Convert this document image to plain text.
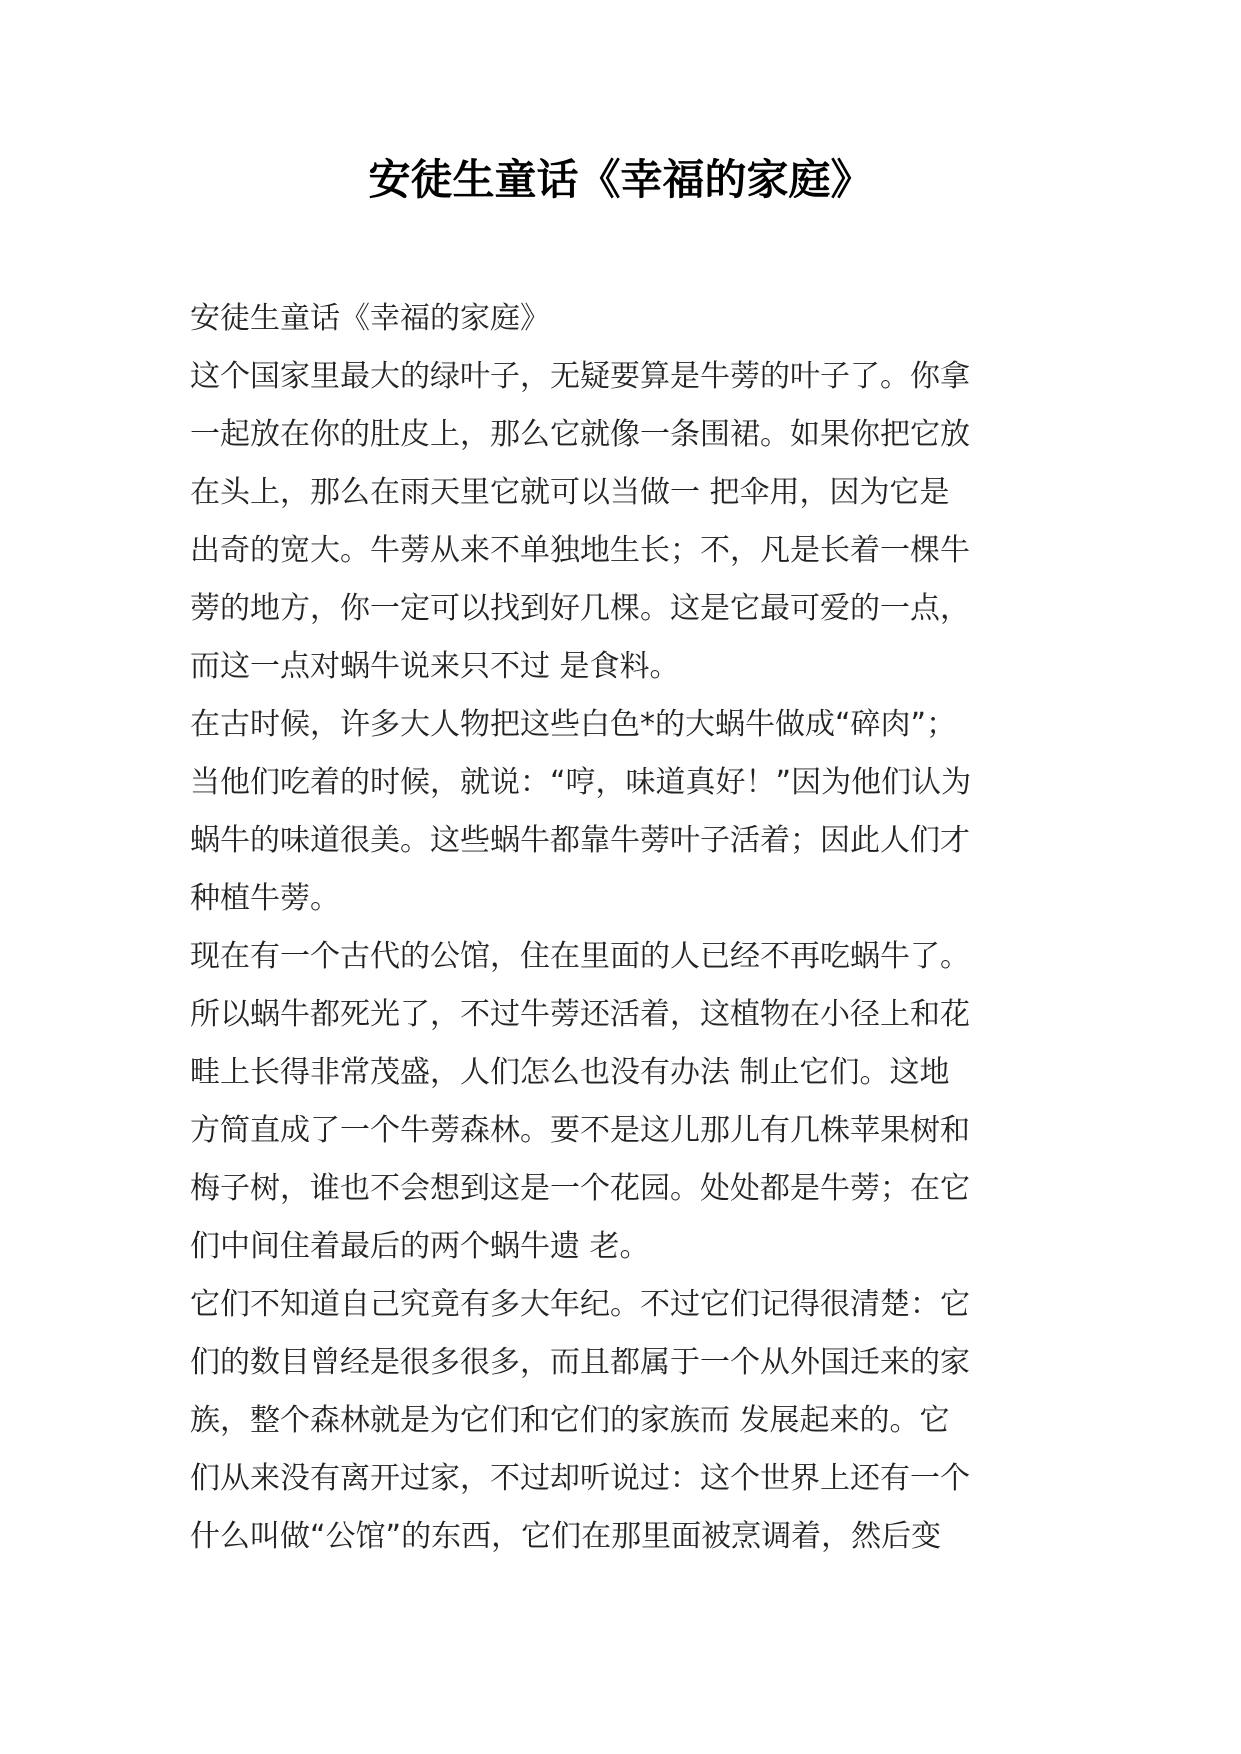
安徒生童话《幸福的家庭》
安徒生童话《幸福的家庭》
这个国家里最大的绿叶子，无疑要算是牛蒡的叶子了。你拿
一起放在你的肚皮上，那么它就像一条围裙。如果你把它放
在头上，那么在雨天里它就可以当做一 把伞用，因为它是
出奇的宽大。牛蒡从来不单独地生长；不，凡是长着一棵牛
蒡的地方，你一定可以找到好几棵。这是它最可爱的一点，
而这一点对蜗牛说来只不过 是食料。
在古时候，许多大人物把这些白色*的大蜗牛做成“碎肉”；
当他们吃着的时候，就说：“哼，味道真好！”因为他们认为
蜗牛的味道很美。这些蜗牛都靠牛蒡叶子活着；因此人们才
种植牛蒡。
现在有一个古代的公馆，住在里面的人已经不再吃蜗牛了。
所以蜗牛都死光了，不过牛蒡还活着，这植物在小径上和花
畦上长得非常茂盛，人们怎么也没有办法 制止它们。这地
方简直成了一个牛蒡森林。要不是这儿那儿有几株苹果树和
梅子树，谁也不会想到这是一个花园。处处都是牛蒡；在它
们中间住着最后的两个蜗牛遗 老。
它们不知道自己究竟有多大年纪。不过它们记得很清楚：它
们的数目曾经是很多很多，而且都属于一个从外国迁来的家
族，整个森林就是为它们和它们的家族而 发展起来的。它
们从来没有离开过家，不过却听说过：这个世界上还有一个
什么叫做“公馆”的东西，它们在那里面被烹调着，然后变
